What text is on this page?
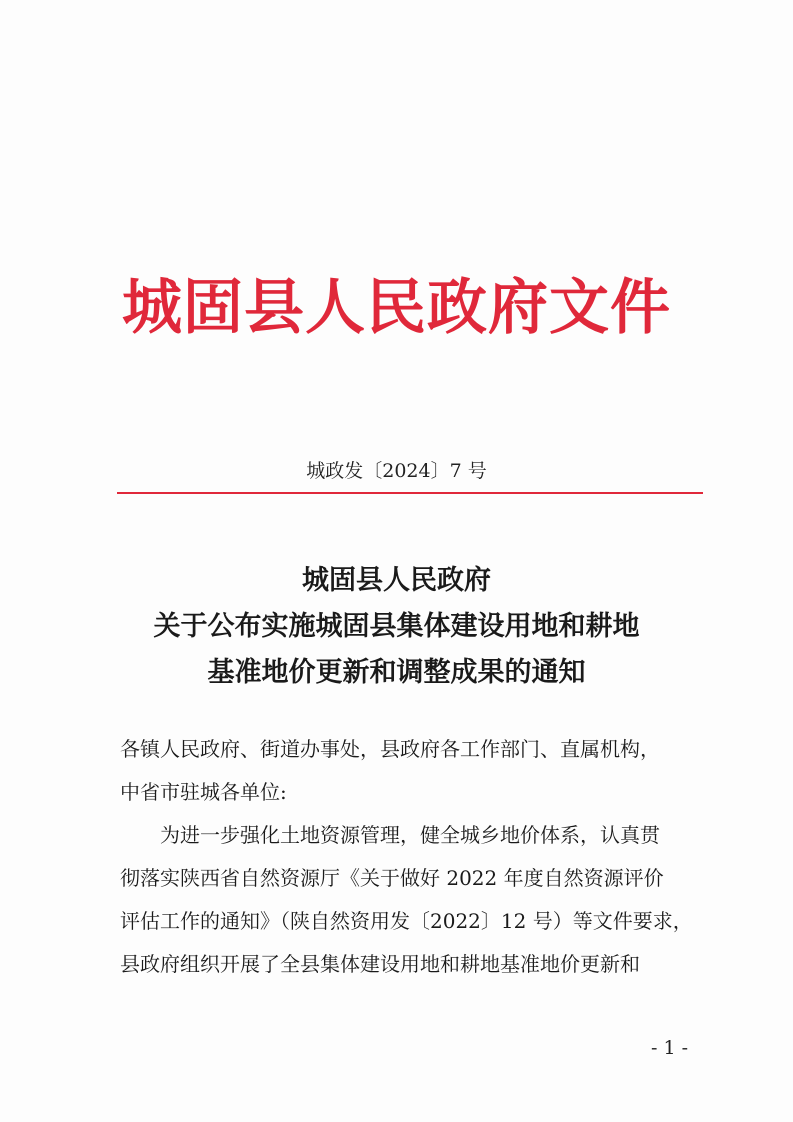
城固县人民政府文件
城政发〔2024〕7 号
城固县人民政府
关于公布实施城固县集体建设用地和耕地
基准地价更新和调整成果的通知
各镇人民政府、街道办事处，县政府各工作部门、直属机构，
中省市驻城各单位:
　　为进一步强化土地资源管理，健全城乡地价体系，认真贯
彻落实陕西省自然资源厅《关于做好 2022 年度自然资源评价
评估工作的通知》（陕自然资用发〔2022〕12 号）等文件要求，
县政府组织开展了全县集体建设用地和耕地基准地价更新和
- 1 -
